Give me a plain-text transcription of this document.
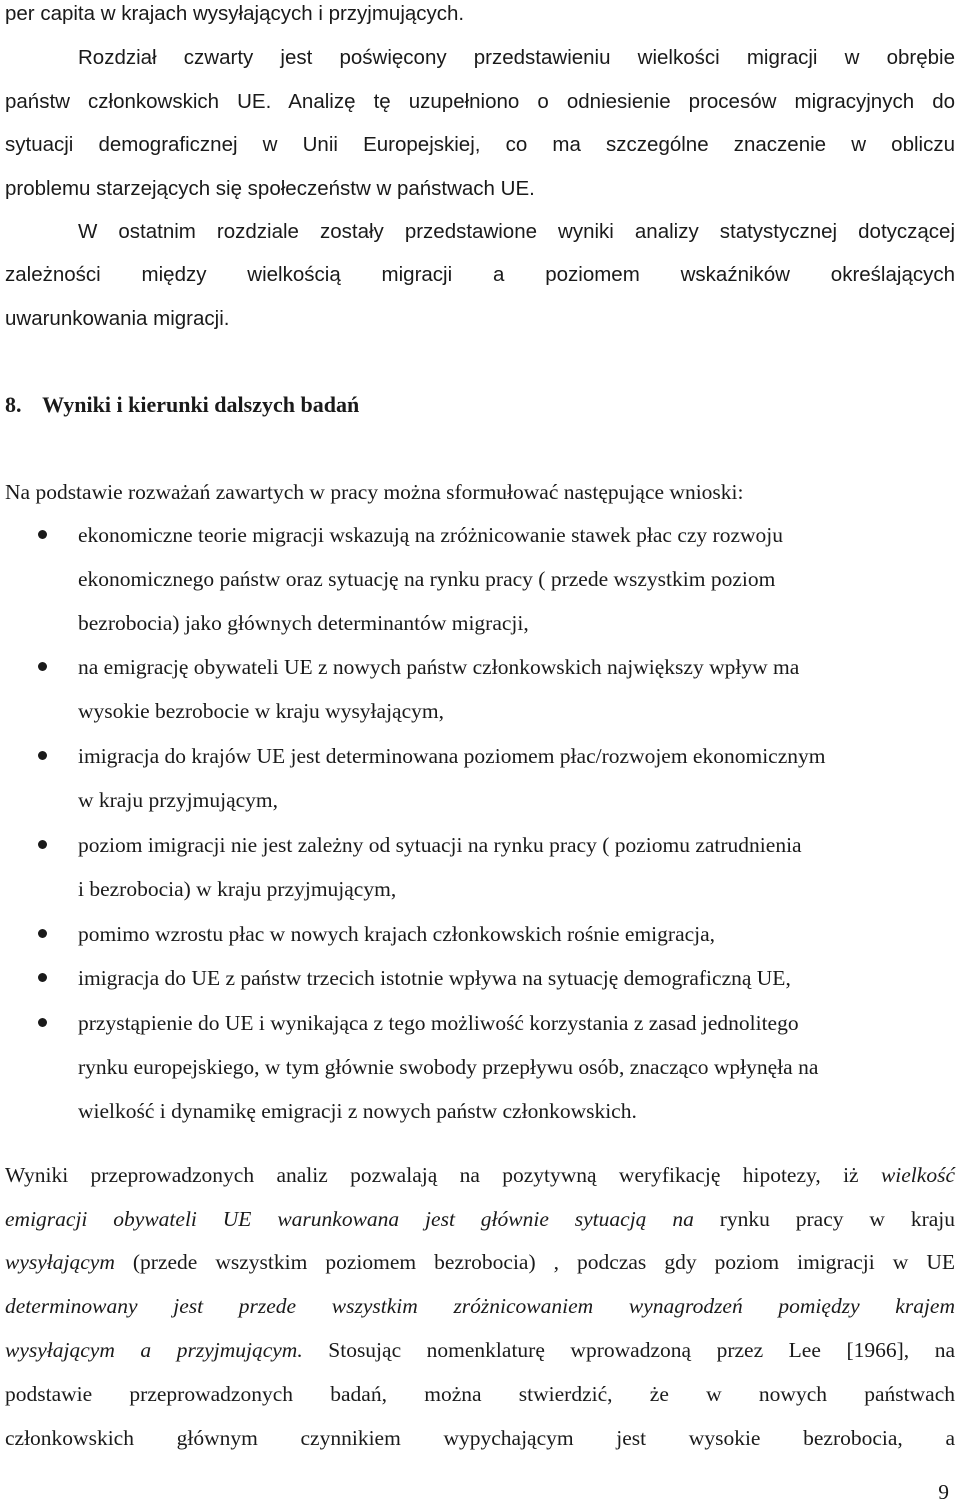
per capita w krajach wysyłających i przyjmujących.
Rozdział czwarty jest poświęcony przedstawieniu wielkości migracji w obrębie
państw członkowskich UE. Analizę tę uzupełniono o odniesienie procesów migracyjnych do
sytuacji demograficznej w Unii Europejskiej, co ma szczególne znaczenie w obliczu
problemu starzejących się społeczeństw w państwach UE.
W ostatnim rozdziale zostały przedstawione wyniki analizy statystycznej dotyczącej
zależności między wielkością migracji a poziomem wskaźników określających
uwarunkowania migracji.
8. Wyniki i kierunki dalszych badań
Na podstawie rozważań zawartych w pracy można sformułować następujące wnioski:
ekonomiczne teorie migracji wskazują na zróżnicowanie stawek płac czy rozwoju
ekonomicznego państw oraz sytuację na rynku pracy ( przede wszystkim poziom
bezrobocia) jako głównych determinantów migracji,
na emigrację obywateli UE z nowych państw członkowskich największy wpływ ma
wysokie bezrobocie w kraju wysyłającym,
imigracja do krajów UE jest determinowana poziomem płac/rozwojem ekonomicznym
w kraju przyjmującym,
poziom imigracji nie jest zależny od sytuacji na rynku pracy ( poziomu zatrudnienia
i bezrobocia) w kraju przyjmującym,
pomimo wzrostu płac w nowych krajach członkowskich rośnie emigracja,
imigracja do UE z państw trzecich istotnie wpływa na sytuację demograficzną UE,
przystąpienie do UE i wynikająca z tego możliwość korzystania z zasad jednolitego
rynku europejskiego, w tym głównie swobody przepływu osób, znacząco wpłynęła na
wielkość i dynamikę emigracji z nowych państw członkowskich.
Wyniki przeprowadzonych analiz pozwalają na pozytywną weryfikację hipotezy, iż wielkość
emigracji obywateli UE warunkowana jest głównie sytuacją na rynku pracy w kraju
wysyłającym (przede wszystkim poziomem bezrobocia) , podczas gdy poziom imigracji w UE
determinowany jest przede wszystkim zróżnicowaniem wynagrodzeń pomiędzy krajem
wysyłającym a przyjmującym. Stosując nomenklaturę wprowadzoną przez Lee [1966], na
podstawie przeprowadzonych badań, można stwierdzić, że w nowych państwach
członkowskich głównym czynnikiem wypychającym jest wysokie bezrobocia, a
9
